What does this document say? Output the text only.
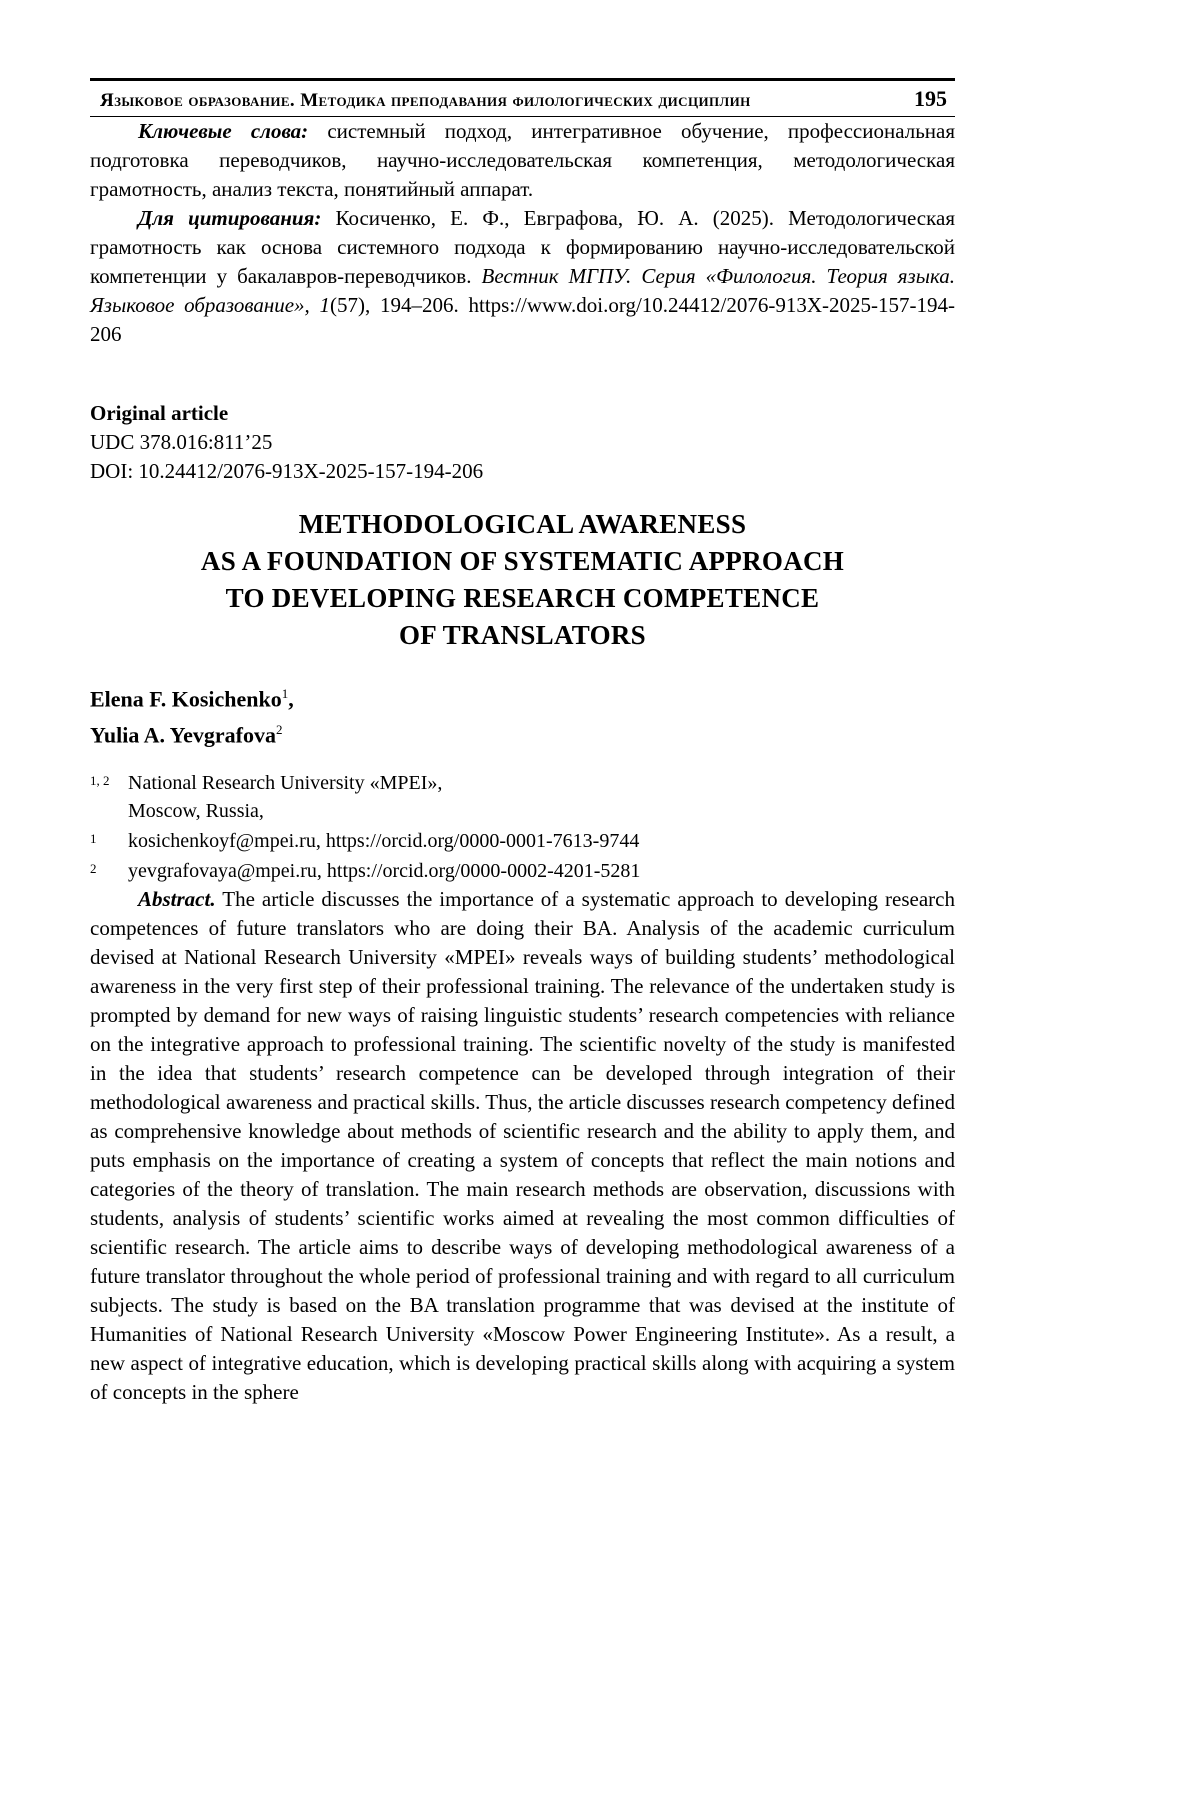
Языковое образование. Методика преподавания филологических дисциплин	195

Ключевые слова: системный подход, интегративное обучение, профессиональная подготовка переводчиков, научно-исследовательская компетенция, методологическая грамотность, анализ текста, понятийный аппарат.

Для цитирования: Косиченко, Е. Ф., Евграфова, Ю. А. (2025). Методологическая грамотность как основа системного подхода к формированию научно-исследовательской компетенции у бакалавров-переводчиков. Вестник МГПУ. Серия «Филология. Теория языка. Языковое образование», 1(57), 194–206. https://www.doi.org/10.24412/2076-913X-2025-157-194-206

Original article

UDC 378.016:811’25

DOI: 10.24412/2076-913X-2025-157-194-206

METHODOLOGICAL AWARENESS
AS A FOUNDATION OF SYSTEMATIC APPROACH
TO DEVELOPING RESEARCH COMPETENCE
OF TRANSLATORS

Elena F. Kosichenko$^1$,

Yulia A. Yevgrafova$^2$

1, 2 National Research University «MPEI»,
Moscow, Russia,
1	kosichenkoyf@mpei.ru, https://orcid.org/0000-0001-7613-9744
2	yevgrafovaya@mpei.ru, https://orcid.org/0000-0002-4201-5281

Abstract. The article discusses the importance of a systematic approach to developing research competences of future translators who are doing their BA. Analysis of the academic curriculum devised at National Research University «MPEI» reveals ways of building students’ methodological awareness in the very first step of their professional training. The relevance of the undertaken study is prompted by demand for new ways of raising linguistic students’ research competencies with reliance on the integrative approach to professional training. The scientific novelty of the study is manifested in the idea that students’ research competence can be developed through integration of their methodological awareness and practical skills. Thus, the article discusses research competency defined as comprehensive knowledge about methods of scientific research and the ability to apply them, and puts emphasis on the importance of creating a system of concepts that reflect the main notions and categories of the theory of translation. The main research methods are observation, discussions with students, analysis of students’ scientific works aimed at revealing the most common difficulties of scientific research. The article aims to describe ways of developing methodological awareness of a future translator throughout the whole period of professional training and with regard to all curriculum subjects. The study is based on the BA translation programme that was devised at the institute of Humanities of National Research University «Moscow Power Engineering Institute». As a result, a new aspect of integrative education, which is developing practical skills along with acquiring a system of concepts in the sphere
